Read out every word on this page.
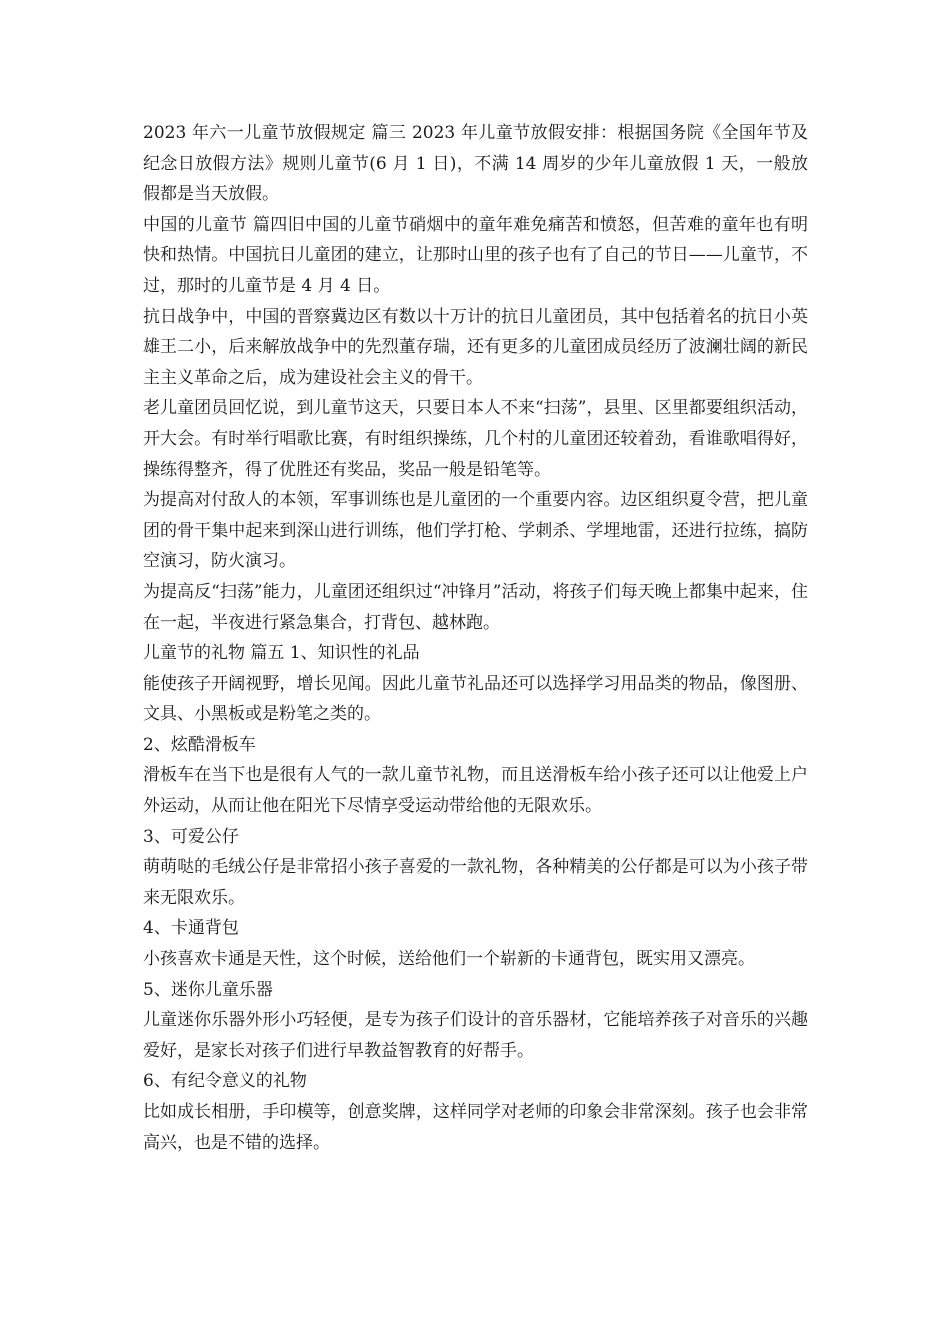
2023 年六一儿童节放假规定 篇三 2023 年儿童节放假安排：根据国务院《全国年节及纪念日放假方法》规则儿童节(6 月 1 日)，不满 14 周岁的少年儿童放假 1 天，一般放假都是当天放假。

中国的儿童节 篇四旧中国的儿童节硝烟中的童年难免痛苦和愤怒，但苦难的童年也有明快和热情。中国抗日儿童团的建立，让那时山里的孩子也有了自己的节日——儿童节，不过，那时的儿童节是 4 月 4 日。

抗日战争中，中国的晋察冀边区有数以十万计的抗日儿童团员，其中包括着名的抗日小英雄王二小，后来解放战争中的先烈董存瑞，还有更多的儿童团成员经历了波澜壮阔的新民主主义革命之后，成为建设社会主义的骨干。

老儿童团员回忆说，到儿童节这天，只要日本人不来“扫荡”，县里、区里都要组织活动，开大会。有时举行唱歌比赛，有时组织操练，几个村的儿童团还较着劲，看谁歌唱得好，操练得整齐，得了优胜还有奖品，奖品一般是铅笔等。

为提高对付敌人的本领，军事训练也是儿童团的一个重要内容。边区组织夏令营，把儿童团的骨干集中起来到深山进行训练，他们学打枪、学刺杀、学埋地雷，还进行拉练，搞防空演习，防火演习。

为提高反“扫荡”能力，儿童团还组织过“冲锋月”活动，将孩子们每天晚上都集中起来，住在一起，半夜进行紧急集合，打背包、越林跑。

儿童节的礼物 篇五 1、知识性的礼品

能使孩子开阔视野，增长见闻。因此儿童节礼品还可以选择学习用品类的物品，像图册、文具、小黑板或是粉笔之类的。

2、炫酷滑板车

滑板车在当下也是很有人气的一款儿童节礼物，而且送滑板车给小孩子还可以让他爱上户外运动，从而让他在阳光下尽情享受运动带给他的无限欢乐。

3、可爱公仔

萌萌哒的毛绒公仔是非常招小孩子喜爱的一款礼物，各种精美的公仔都是可以为小孩子带来无限欢乐。

4、卡通背包

小孩喜欢卡通是天性，这个时候，送给他们一个崭新的卡通背包，既实用又漂亮。

5、迷你儿童乐器

儿童迷你乐器外形小巧轻便，是专为孩子们设计的音乐器材，它能培养孩子对音乐的兴趣爱好，是家长对孩子们进行早教益智教育的好帮手。

6、有纪令意义的礼物

比如成长相册，手印模等，创意奖牌，这样同学对老师的印象会非常深刻。孩子也会非常高兴，也是不错的选择。
